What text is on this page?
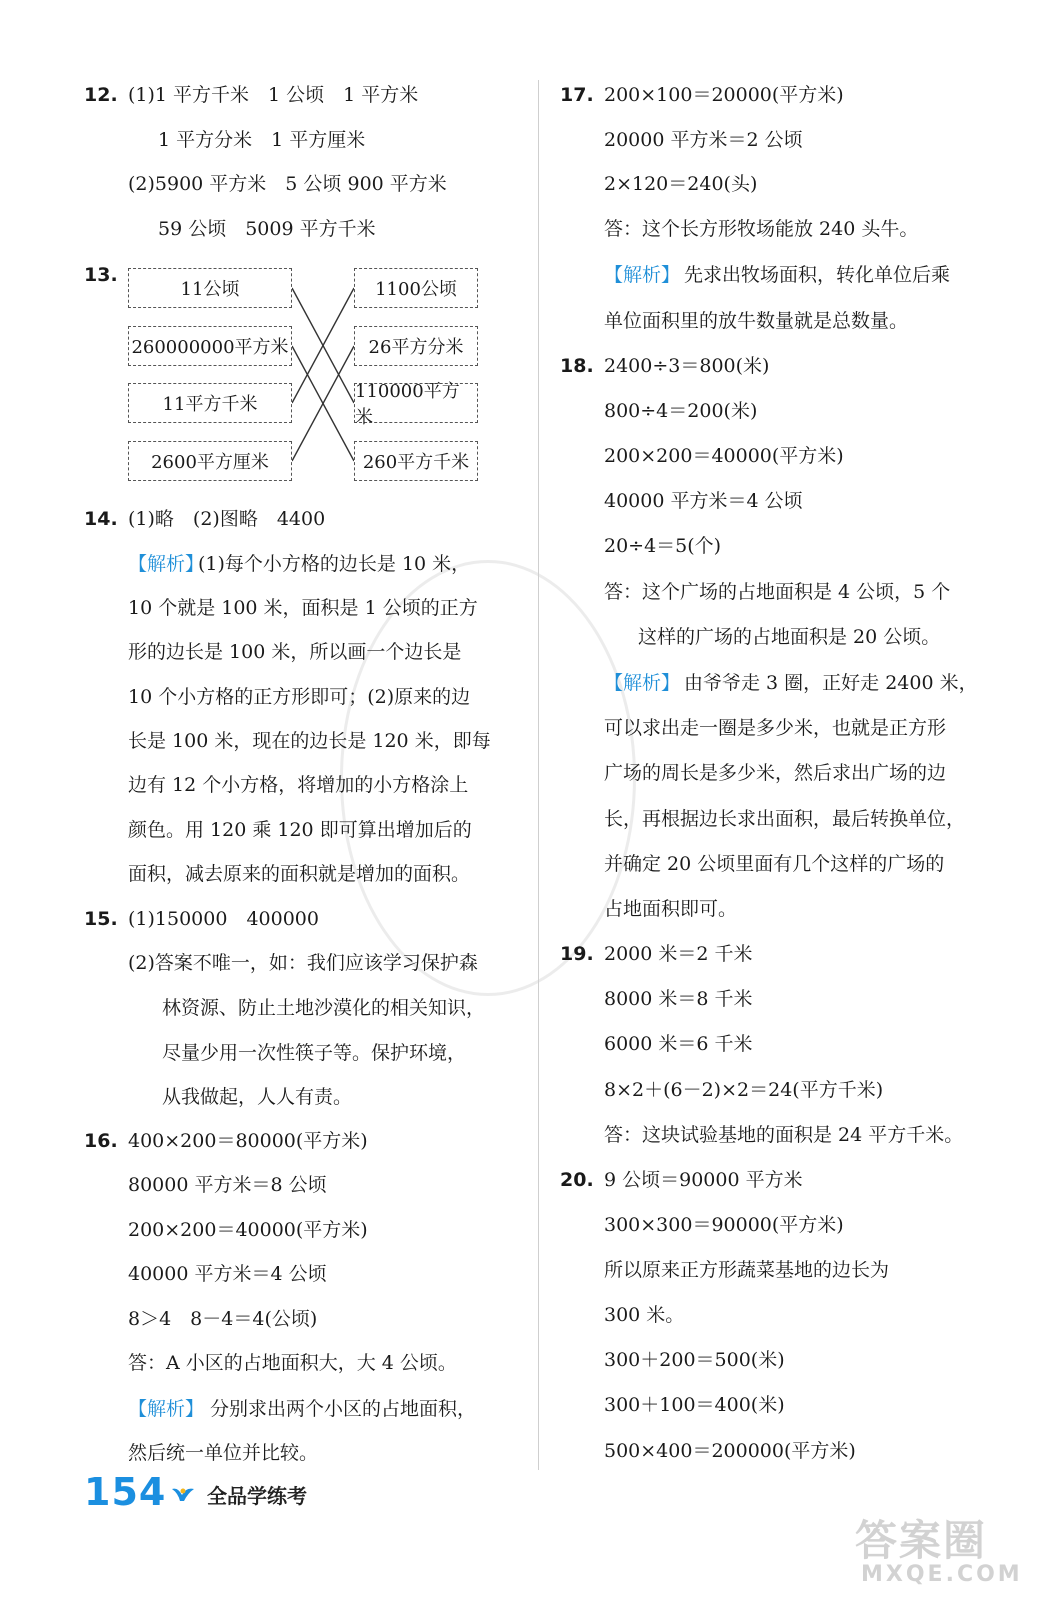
12. (1)1 平方千米　1 公顷　1 平方米
1 平方分米　1 平方厘米
(2)5900 平方米　5 公顷 900 平方米
59 公顷　5009 平方千米
13.
11公顷
260000000平方米
11平方千米
2600平方厘米
1100公顷
26平方分米
110000平方米
260平方千米
14. (1)略　(2)图略　4400
【解析】
(1)每个小方格的边长是 10 米，
10 个就是 100 米，面积是 1 公顷的正方
形的边长是 100 米，所以画一个边长是
10 个小方格的正方形即可；(2)原来的边
长是 100 米，现在的边长是 120 米，即每
边有 12 个小方格，将增加的小方格涂上
颜色。用 120 乘 120 即可算出增加后的
面积，减去原来的面积就是增加的面积。
15. (1)150000　400000
(2)答案不唯一，如：我们应该学习保护森
林资源、防止土地沙漠化的相关知识，
尽量少用一次性筷子等。保护环境，
从我做起，人人有责。
16. 400×200＝80000(平方米)
80000 平方米＝8 公顷
200×200＝40000(平方米)
40000 平方米＝4 公顷
8＞4　8－4＝4(公顷)
答：A 小区的占地面积大，大 4 公顷。
【解析】 分别求出两个小区的占地面积，
然后统一单位并比较。
17. 200×100＝20000(平方米)
20000 平方米＝2 公顷
2×120＝240(头)
答：这个长方形牧场能放 240 头牛。
【解析】 先求出牧场面积，转化单位后乘
单位面积里的放牛数量就是总数量。
18. 2400÷3＝800(米)
800÷4＝200(米)
200×200＝40000(平方米)
40000 平方米＝4 公顷
20÷4＝5(个)
答：这个广场的占地面积是 4 公顷，5 个
这样的广场的占地面积是 20 公顷。
【解析】 由爷爷走 3 圈，正好走 2400 米，
可以求出走一圈是多少米，也就是正方形
广场的周长是多少米，然后求出广场的边
长，再根据边长求出面积，最后转换单位，
并确定 20 公顷里面有几个这样的广场的
占地面积即可。
19. 2000 米＝2 千米
8000 米＝8 千米
6000 米＝6 千米
8×2＋(6－2)×2＝24(平方千米)
答：这块试验基地的面积是 24 平方千米。
20. 9 公顷＝90000 平方米
300×300＝90000(平方米)
所以原来正方形蔬菜基地的边长为
300 米。
300＋200＝500(米)
300＋100＝400(米)
500×400＝200000(平方米)
154 全品学练考
答案圈
MXQE.COM
